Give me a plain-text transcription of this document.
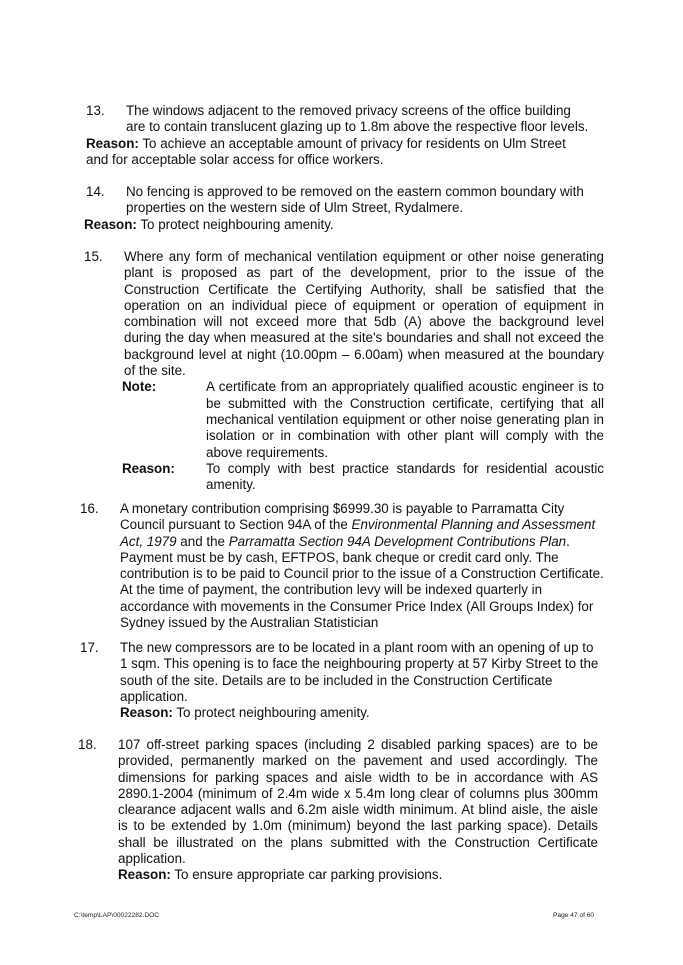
13.	The windows adjacent to the removed privacy screens of the office building are to contain translucent glazing up to 1.8m above the respective floor levels.
Reason: To achieve an acceptable amount of privacy for residents on Ulm Street and for acceptable solar access for office workers.
14.	No fencing is approved to be removed on the eastern common boundary with properties on the western side of Ulm Street, Rydalmere.
Reason: To protect neighbouring amenity.
15.	Where any form of mechanical ventilation equipment or other noise generating plant is proposed as part of the development, prior to the issue of the Construction Certificate the Certifying Authority, shall be satisfied that the operation on an individual piece of equipment or operation of equipment in combination will not exceed more that 5db (A) above the background level during the day when measured at the site's boundaries and shall not exceed the background level at night (10.00pm – 6.00am) when measured at the boundary of the site.
Note:	A certificate from an appropriately qualified acoustic engineer is to be submitted with the Construction certificate, certifying that all mechanical ventilation equipment or other noise generating plan in isolation or in combination with other plant will comply with the above requirements.
Reason:	To comply with best practice standards for residential acoustic amenity.
16.	A monetary contribution comprising $6999.30 is payable to Parramatta City Council pursuant to Section 94A of the Environmental Planning and Assessment Act, 1979 and the Parramatta Section 94A Development Contributions Plan. Payment must be by cash, EFTPOS, bank cheque or credit card only. The contribution is to be paid to Council prior to the issue of a Construction Certificate. At the time of payment, the contribution levy will be indexed quarterly in accordance with movements in the Consumer Price Index (All Groups Index) for Sydney issued by the Australian Statistician
17.	The new compressors are to be located in a plant room with an opening of up to 1 sqm. This opening is to face the neighbouring property at 57 Kirby Street to the south of the site. Details are to be included in the Construction Certificate application.
Reason: To protect neighbouring amenity.
18.	107 off-street parking spaces (including 2 disabled parking spaces) are to be provided, permanently marked on the pavement and used accordingly. The dimensions for parking spaces and aisle width to be in accordance with AS 2890.1-2004 (minimum of 2.4m wide x 5.4m long clear of columns plus 300mm clearance adjacent walls and 6.2m aisle width minimum. At blind aisle, the aisle is to be extended by 1.0m (minimum) beyond the last parking space). Details shall be illustrated on the plans submitted with the Construction Certificate application.
Reason: To ensure appropriate car parking provisions.
C:\temp\LAP\00022282.DOC	Page 47 of 60
